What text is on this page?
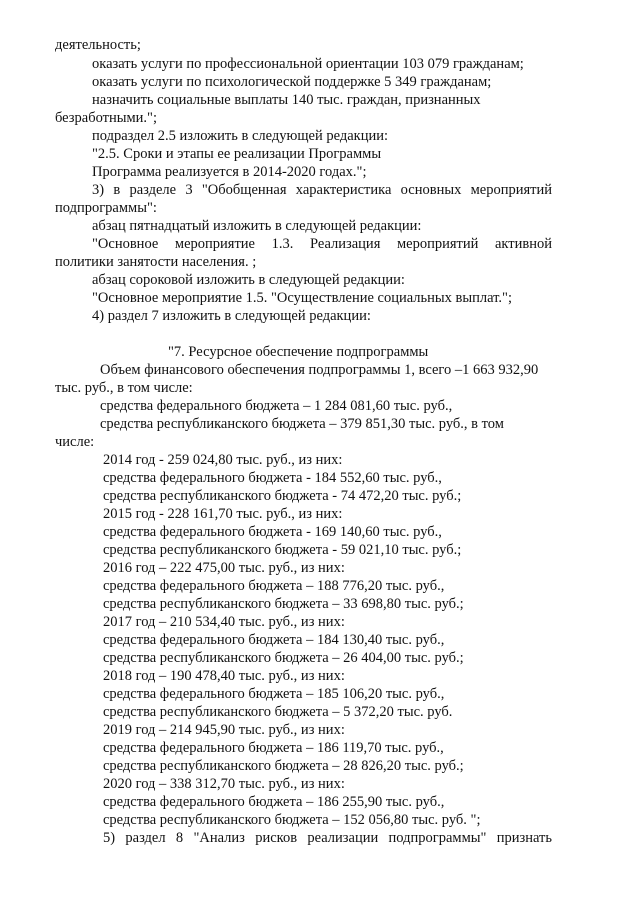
деятельность;
оказать услуги по профессиональной ориентации 103 079 гражданам;
оказать услуги по психологической поддержке 5 349 гражданам;
назначить социальные выплаты 140 тыс. граждан, признанных
безработными.";
подраздел 2.5 изложить в следующей редакции:
"2.5. Сроки и этапы ее реализации Программы
Программа реализуется в 2014-2020 годах.";
3) в разделе 3 "Обобщенная характеристика основных мероприятий
подпрограммы":
абзац пятнадцатый изложить в следующей редакции:
"Основное мероприятие 1.3. Реализация мероприятий активной
политики занятости населения. ;
абзац сороковой изложить в следующей редакции:
"Основное мероприятие 1.5. "Осуществление социальных выплат.";
4) раздел 7 изложить в следующей редакции:
"7. Ресурсное обеспечение подпрограммы
Объем финансового обеспечения подпрограммы 1, всего –1 663 932,90
тыс. руб., в том числе:
средства федерального бюджета – 1 284 081,60 тыс. руб.,
средства республиканского бюджета – 379 851,30 тыс. руб., в том
числе:
2014 год - 259 024,80 тыс. руб., из них:
средства федерального бюджета - 184 552,60 тыс. руб.,
средства республиканского бюджета - 74 472,20 тыс. руб.;
2015 год - 228 161,70 тыс. руб., из них:
средства федерального бюджета - 169 140,60 тыс. руб.,
средства республиканского бюджета - 59 021,10 тыс. руб.;
2016 год – 222 475,00 тыс. руб., из них:
средства федерального бюджета – 188 776,20 тыс. руб.,
средства республиканского бюджета – 33 698,80 тыс. руб.;
2017 год – 210 534,40 тыс. руб., из них:
средства федерального бюджета – 184 130,40 тыс. руб.,
средства республиканского бюджета – 26 404,00 тыс. руб.;
2018 год – 190 478,40 тыс. руб., из них:
средства федерального бюджета – 185 106,20 тыс. руб.,
средства республиканского бюджета – 5 372,20 тыс. руб.
2019 год – 214 945,90 тыс. руб., из них:
средства федерального бюджета – 186 119,70 тыс. руб.,
средства республиканского бюджета – 28 826,20 тыс. руб.;
2020 год – 338 312,70 тыс. руб., из них:
средства федерального бюджета – 186 255,90 тыс. руб.,
средства республиканского бюджета – 152 056,80 тыс. руб. ";
5) раздел 8 "Анализ рисков реализации подпрограммы" признать
